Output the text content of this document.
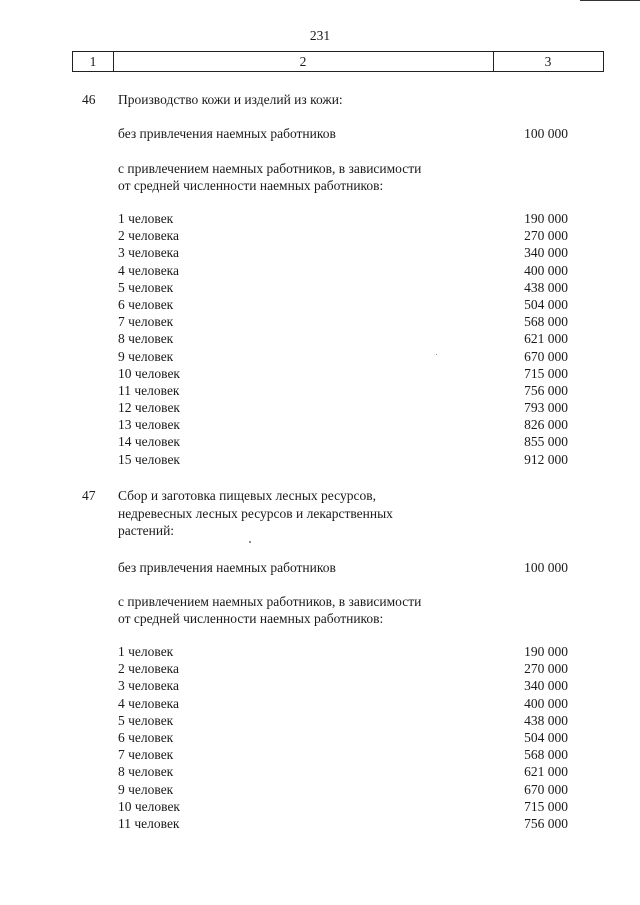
231
1	2	3
46 Производство кожи и изделий из кожи:
без привлечения наемных работников	100 000
с привлечением наемных работников, в зависимости
от средней численности наемных работников:
1 человек	190 000
2 человека	270 000
3 человека	340 000
4 человека	400 000
5 человек	438 000
6 человек	504 000
7 человек	568 000
8 человек	621 000
9 человек	670 000
10 человек	715 000
11 человек	756 000
12 человек	793 000
13 человек	826 000
14 человек	855 000
15 человек	912 000
47 Сбор и заготовка пищевых лесных ресурсов,
недревесных лесных ресурсов и лекарственных
растений:
без привлечения наемных работников	100 000
с привлечением наемных работников, в зависимости
от средней численности наемных работников:
1 человек	190 000
2 человека	270 000
3 человека	340 000
4 человека	400 000
5 человек	438 000
6 человек	504 000
7 человек	568 000
8 человек	621 000
9 человек	670 000
10 человек	715 000
11 человек	756 000
